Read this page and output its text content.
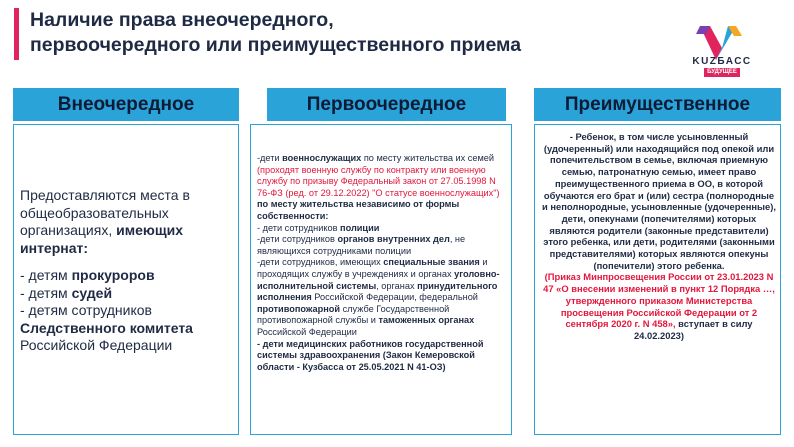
Наличие права внеочередного,
первоочередного или преимущественного приема
KUZБАСС
БУДУЩЕЕ
Внеочередное	Первоочередное	Преимущественное
Предоставляются места в общеобразовательных организациях, имеющих интернат:
- детям прокуроров
- детям судей
- детям сотрудников Следственного комитета Российской Федерации
-дети военнослужащих по месту жительства их семей (проходят военную службу по контракту или военную службу по призыву Федеральный закон от 27.05.1998 N 76-ФЗ (ред. от 29.12.2022) "О статусе военнослужащих") по месту жительства независимо от формы собственности:
- дети сотрудников полиции
-дети сотрудников органов внутренних дел, не являющихся сотрудниками полиции
-дети сотрудников, имеющих специальные звания и проходящих службу в учреждениях и органах уголовно-исполнительной системы, органах принудительного исполнения Российской Федерации, федеральной противопожарной службе Государственной противопожарной службы и таможенных органах Российской Федерации
- дети медицинских работников государственной системы здравоохранения (Закон Кемеровской области - Кузбасса от 25.05.2021 N 41-ОЗ)
- Ребенок, в том числе усыновленный (удочеренный) или находящийся под опекой или попечительством в семье, включая приемную семью, патронатную семью, имеет право преимущественного приема в ОО, в которой обучаются его брат и (или) сестра (полнородные и неполнородные, усыновленные (удочеренные), дети, опекунами (попечителями) которых являются родители (законные представители) этого ребенка, или дети, родителями (законными представителями) которых являются опекуны (попечители) этого ребенка.
(Приказ Минпросвещения России от 23.01.2023 N 47 «О внесении изменений в пункт 12 Порядка …, утвержденного приказом Министерства просвещения Российской Федерации от 2 сентября 2020 г. N 458», вступает в силу 24.02.2023)
